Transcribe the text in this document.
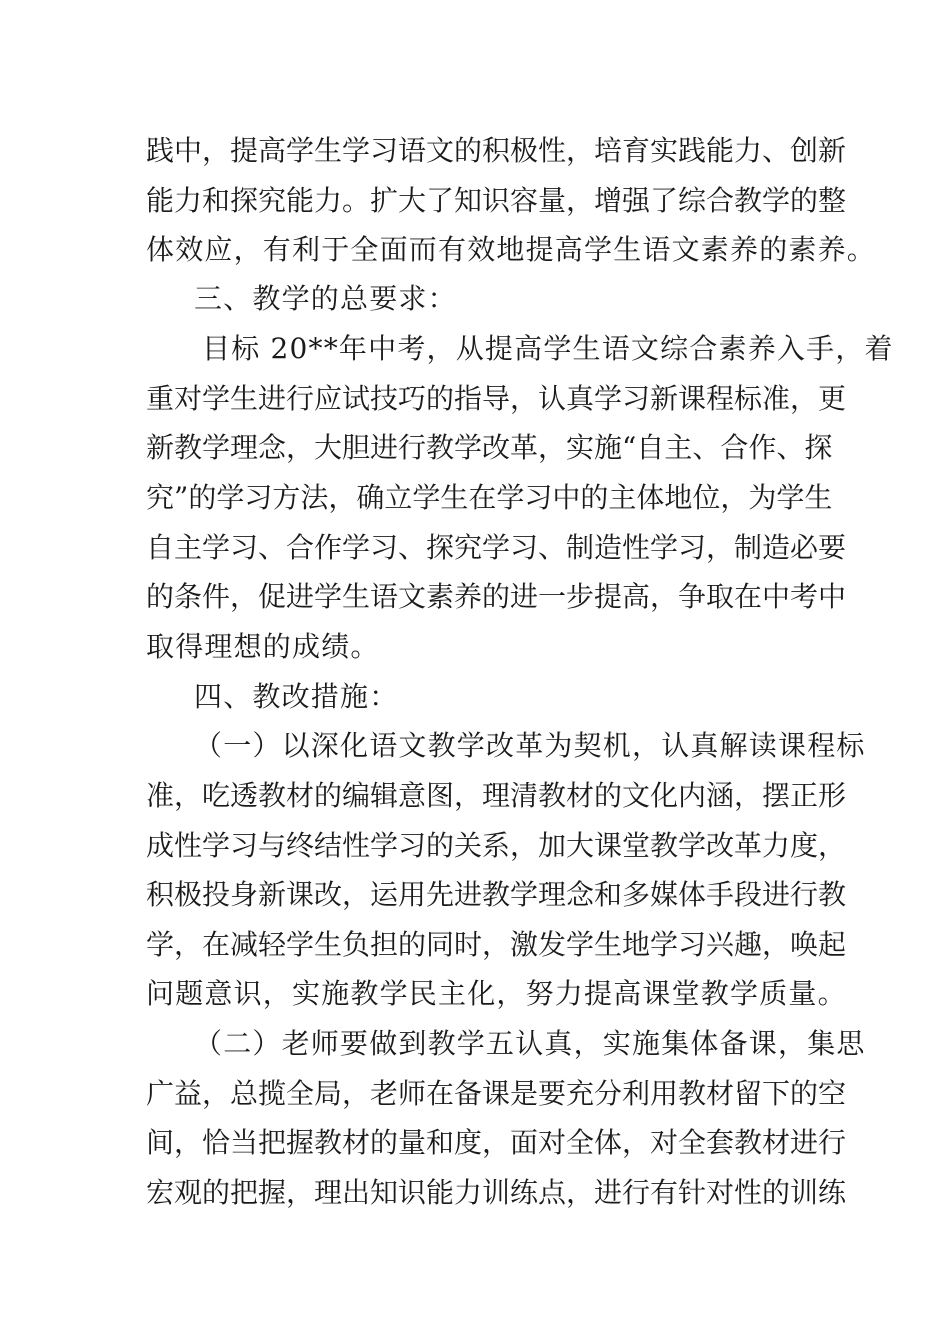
践中，提高学生学习语文的积极性，培育实践能力、创新
能力和探究能力。扩大了知识容量，增强了综合教学的整
体效应，有利于全面而有效地提高学生语文素养的素养。
三、教学的总要求：
目标 20**年中考，从提高学生语文综合素养入手，着
重对学生进行应试技巧的指导，认真学习新课程标准，更
新教学理念，大胆进行教学改革，实施“自主、合作、探
究”的学习方法，确立学生在学习中的主体地位，为学生
自主学习、合作学习、探究学习、制造性学习，制造必要
的条件，促进学生语文素养的进一步提高，争取在中考中
取得理想的成绩。
四、教改措施：
（一）以深化语文教学改革为契机，认真解读课程标
准，吃透教材的编辑意图，理清教材的文化内涵，摆正形
成性学习与终结性学习的关系，加大课堂教学改革力度，
积极投身新课改，运用先进教学理念和多媒体手段进行教
学，在减轻学生负担的同时，激发学生地学习兴趣，唤起
问题意识，实施教学民主化，努力提高课堂教学质量。
（二）老师要做到教学五认真，实施集体备课，集思
广益，总揽全局，老师在备课是要充分利用教材留下的空
间，恰当把握教材的量和度，面对全体，对全套教材进行
宏观的把握，理出知识能力训练点，进行有针对性的训练
